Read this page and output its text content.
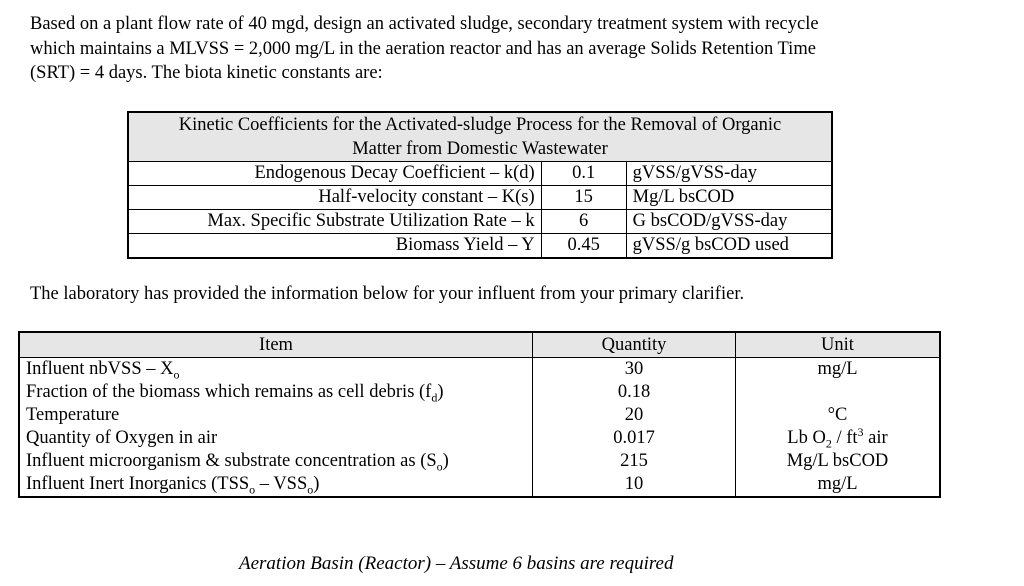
Based on a plant flow rate of 40 mgd, design an activated sludge, secondary treatment system with recycle

which maintains a MLVSS = 2,000 mg/L in the aeration reactor and has an average Solids Retention Time

(SRT) = 4 days. The biota kinetic constants are:

Kinetic Coefficients for the Activated-sludge Process for the Removal of Organic
Matter from Domestic Wastewater		

Endogenous Decay Coefficient – k(d)	0.1	gVSS/gVSS-day
Half-velocity constant – K(s)	15	Mg/L bsCOD
Max. Specific Substrate Utilization Rate – k	6	G bsCOD/gVSS-day
Biomass Yield – Y	0.45	gVSS/g bsCOD used
The laboratory has provided the information below for your influent from your primary clarifier.
Item	Quantity	Unit
Influent nbVSS – $X_o$	30	mg/L
Fraction of the biomass which remains as cell debris $(f_d)$	0.18	
Temperature	20	°C
Quantity of Oxygen in air	0.017	Lb $O_2 / ft^3$ air
Influent microorganism & substrate concentration as $(S_o)$	215	Mg/L bsCOD
Influent Inert Inorganics $(TSS_o - VSS_o)$	10	mg/L
Aeration Basin (Reactor) – Assume 6 basins are required
